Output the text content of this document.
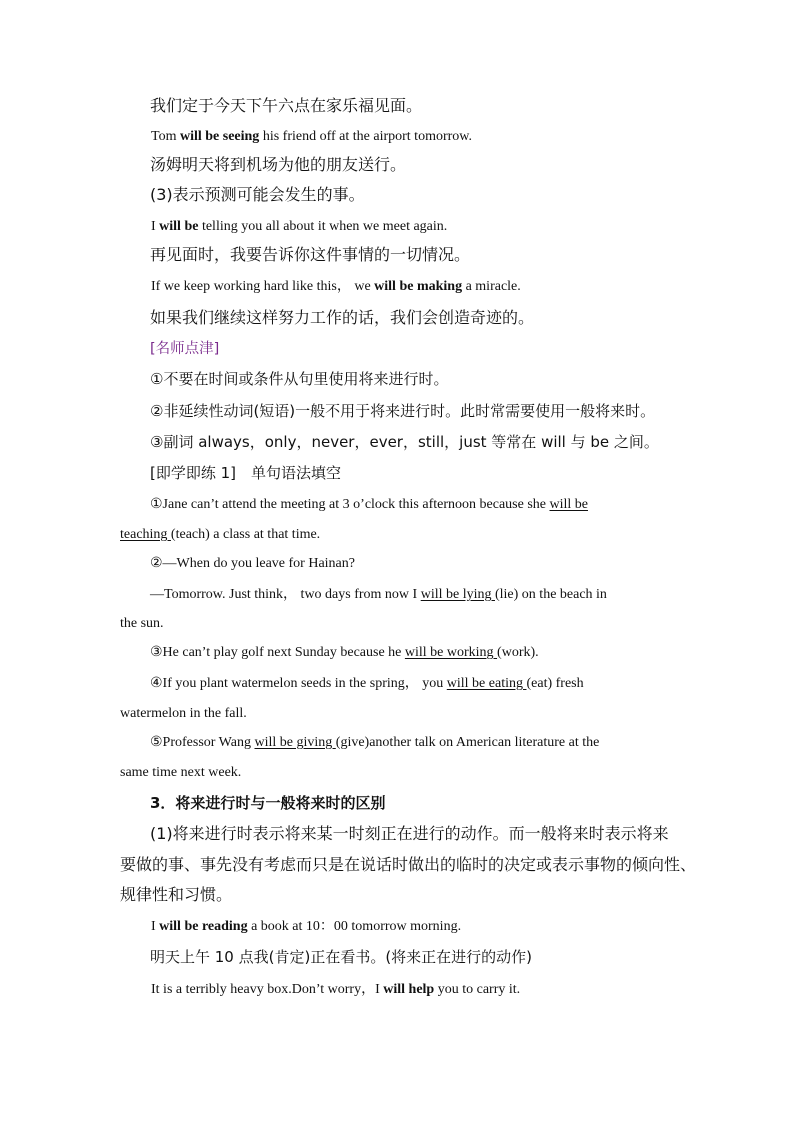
我们定于今天下午六点在家乐福见面。
Tom will be seeing his friend off at the airport tomorrow.
汤姆明天将到机场为他的朋友送行。
(3)表示预测可能会发生的事。
I will be telling you all about it when we meet again.
再见面时，我要告诉你这件事情的一切情况。
If we keep working hard like this， we will be making a miracle.
如果我们继续这样努力工作的话，我们会创造奇迹的。
[名师点津]
①不要在时间或条件从句里使用将来进行时。
②非延续性动词(短语)一般不用于将来进行时。此时常需要使用一般将来时。
③副词 always，only，never，ever，still，just 等常在 will 与 be 之间。
[即学即练 1]　单句语法填空
①Jane can’t attend the meeting at 3 o’clock this afternoon because she will be
teaching (teach) a class at that time.
②—When do you leave for Hainan?
—Tomorrow. Just think， two days from now I will be lying (lie) on the beach in
the sun.
③He can’t play golf next Sunday because he will be working (work).
④If you plant watermelon seeds in the spring， you will be eating (eat) fresh
watermelon in the fall.
⑤Professor Wang will be giving (give)another talk on American literature at the
same time next week.
3．将来进行时与一般将来时的区别
(1)将来进行时表示将来某一时刻正在进行的动作。而一般将来时表示将来
要做的事、事先没有考虑而只是在说话时做出的临时的决定或表示事物的倾向性、
规律性和习惯。
I will be reading a book at 10：00 tomorrow morning.
明天上午 10 点我(肯定)正在看书。(将来正在进行的动作)
It is a terribly heavy box.Don’t worry，I will help you to carry it.
